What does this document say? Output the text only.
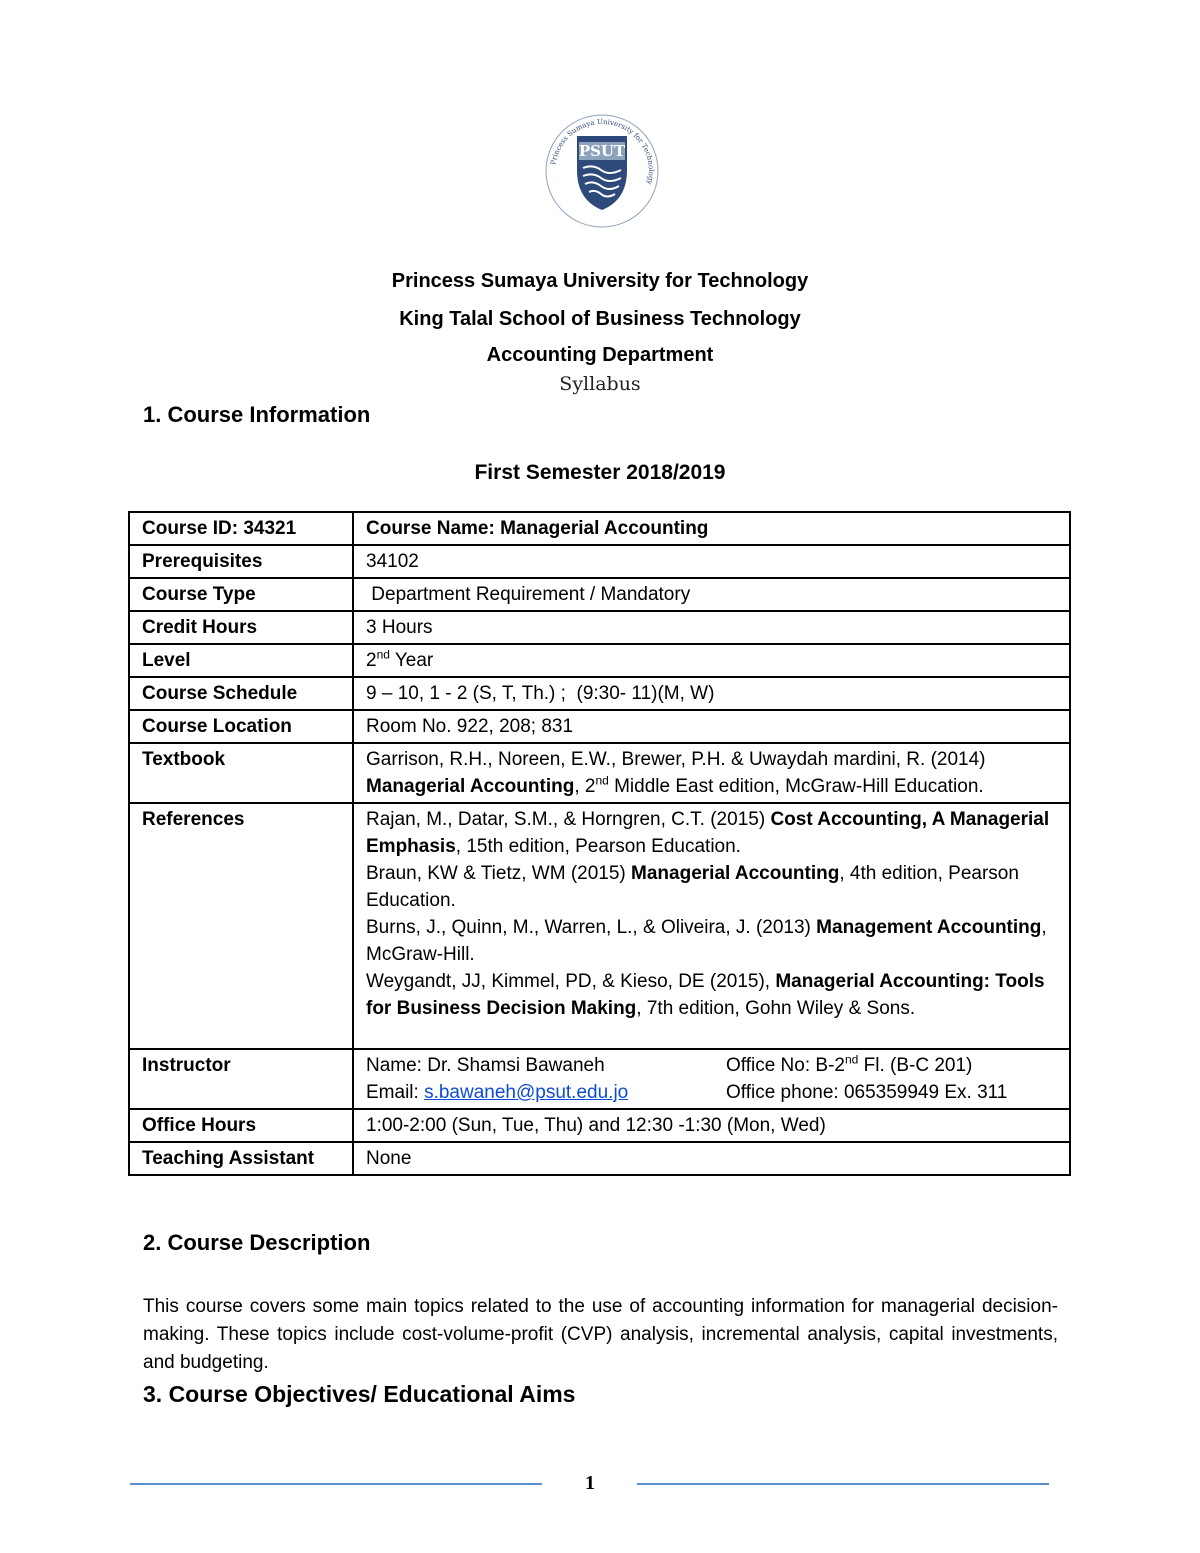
Princess Sumaya University for Technology
PSUT
Princess Sumaya University for Technology
King Talal School of Business Technology
Accounting Department
Syllabus
1. Course Information
First Semester 2018/2019
Course ID: 34321	Course Name: Managerial Accounting
Prerequisites	34102
Course Type	Department Requirement / Mandatory
Credit Hours	3 Hours
Level	2nd Year
Course Schedule	9 – 10, 1 - 2 (S, T, Th.) ;  (9:30- 11)(M, W)
Course Location	Room No. 922, 208; 831
Textbook	Garrison, R.H., Noreen, E.W., Brewer, P.H. & Uwaydah mardini, R. (2014)
Managerial Accounting, 2nd Middle East edition, McGraw-Hill Education.
References	Rajan, M., Datar, S.M., & Horngren, C.T. (2015) Cost Accounting, A Managerial Emphasis, 15th edition, Pearson Education.
Braun, KW & Tietz, WM (2015) Managerial Accounting, 4th edition, Pearson Education.
Burns, J., Quinn, M., Warren, L., & Oliveira, J. (2013) Management Accounting, McGraw-Hill.
Weygandt, JJ, Kimmel, PD, & Kieso, DE (2015), Managerial Accounting: Tools for Business Decision Making, 7th edition, Gohn Wiley & Sons.

Instructor	Name: Dr. Shamsi Bawaneh Office No: B-2nd Fl. (B-C 201)
Email: s.bawaneh@psut.edu.jo Office phone: 065359949 Ex. 311

Office Hours	1:00-2:00 (Sun, Tue, Thu) and 12:30 -1:30 (Mon, Wed)
Teaching Assistant	None
2. Course Description
This course covers some main topics related to the use of accounting information for managerial decision-making. These topics include cost-volume-profit (CVP) analysis, incremental analysis, capital investments, and budgeting.
3. Course Objectives/ Educational Aims
1
